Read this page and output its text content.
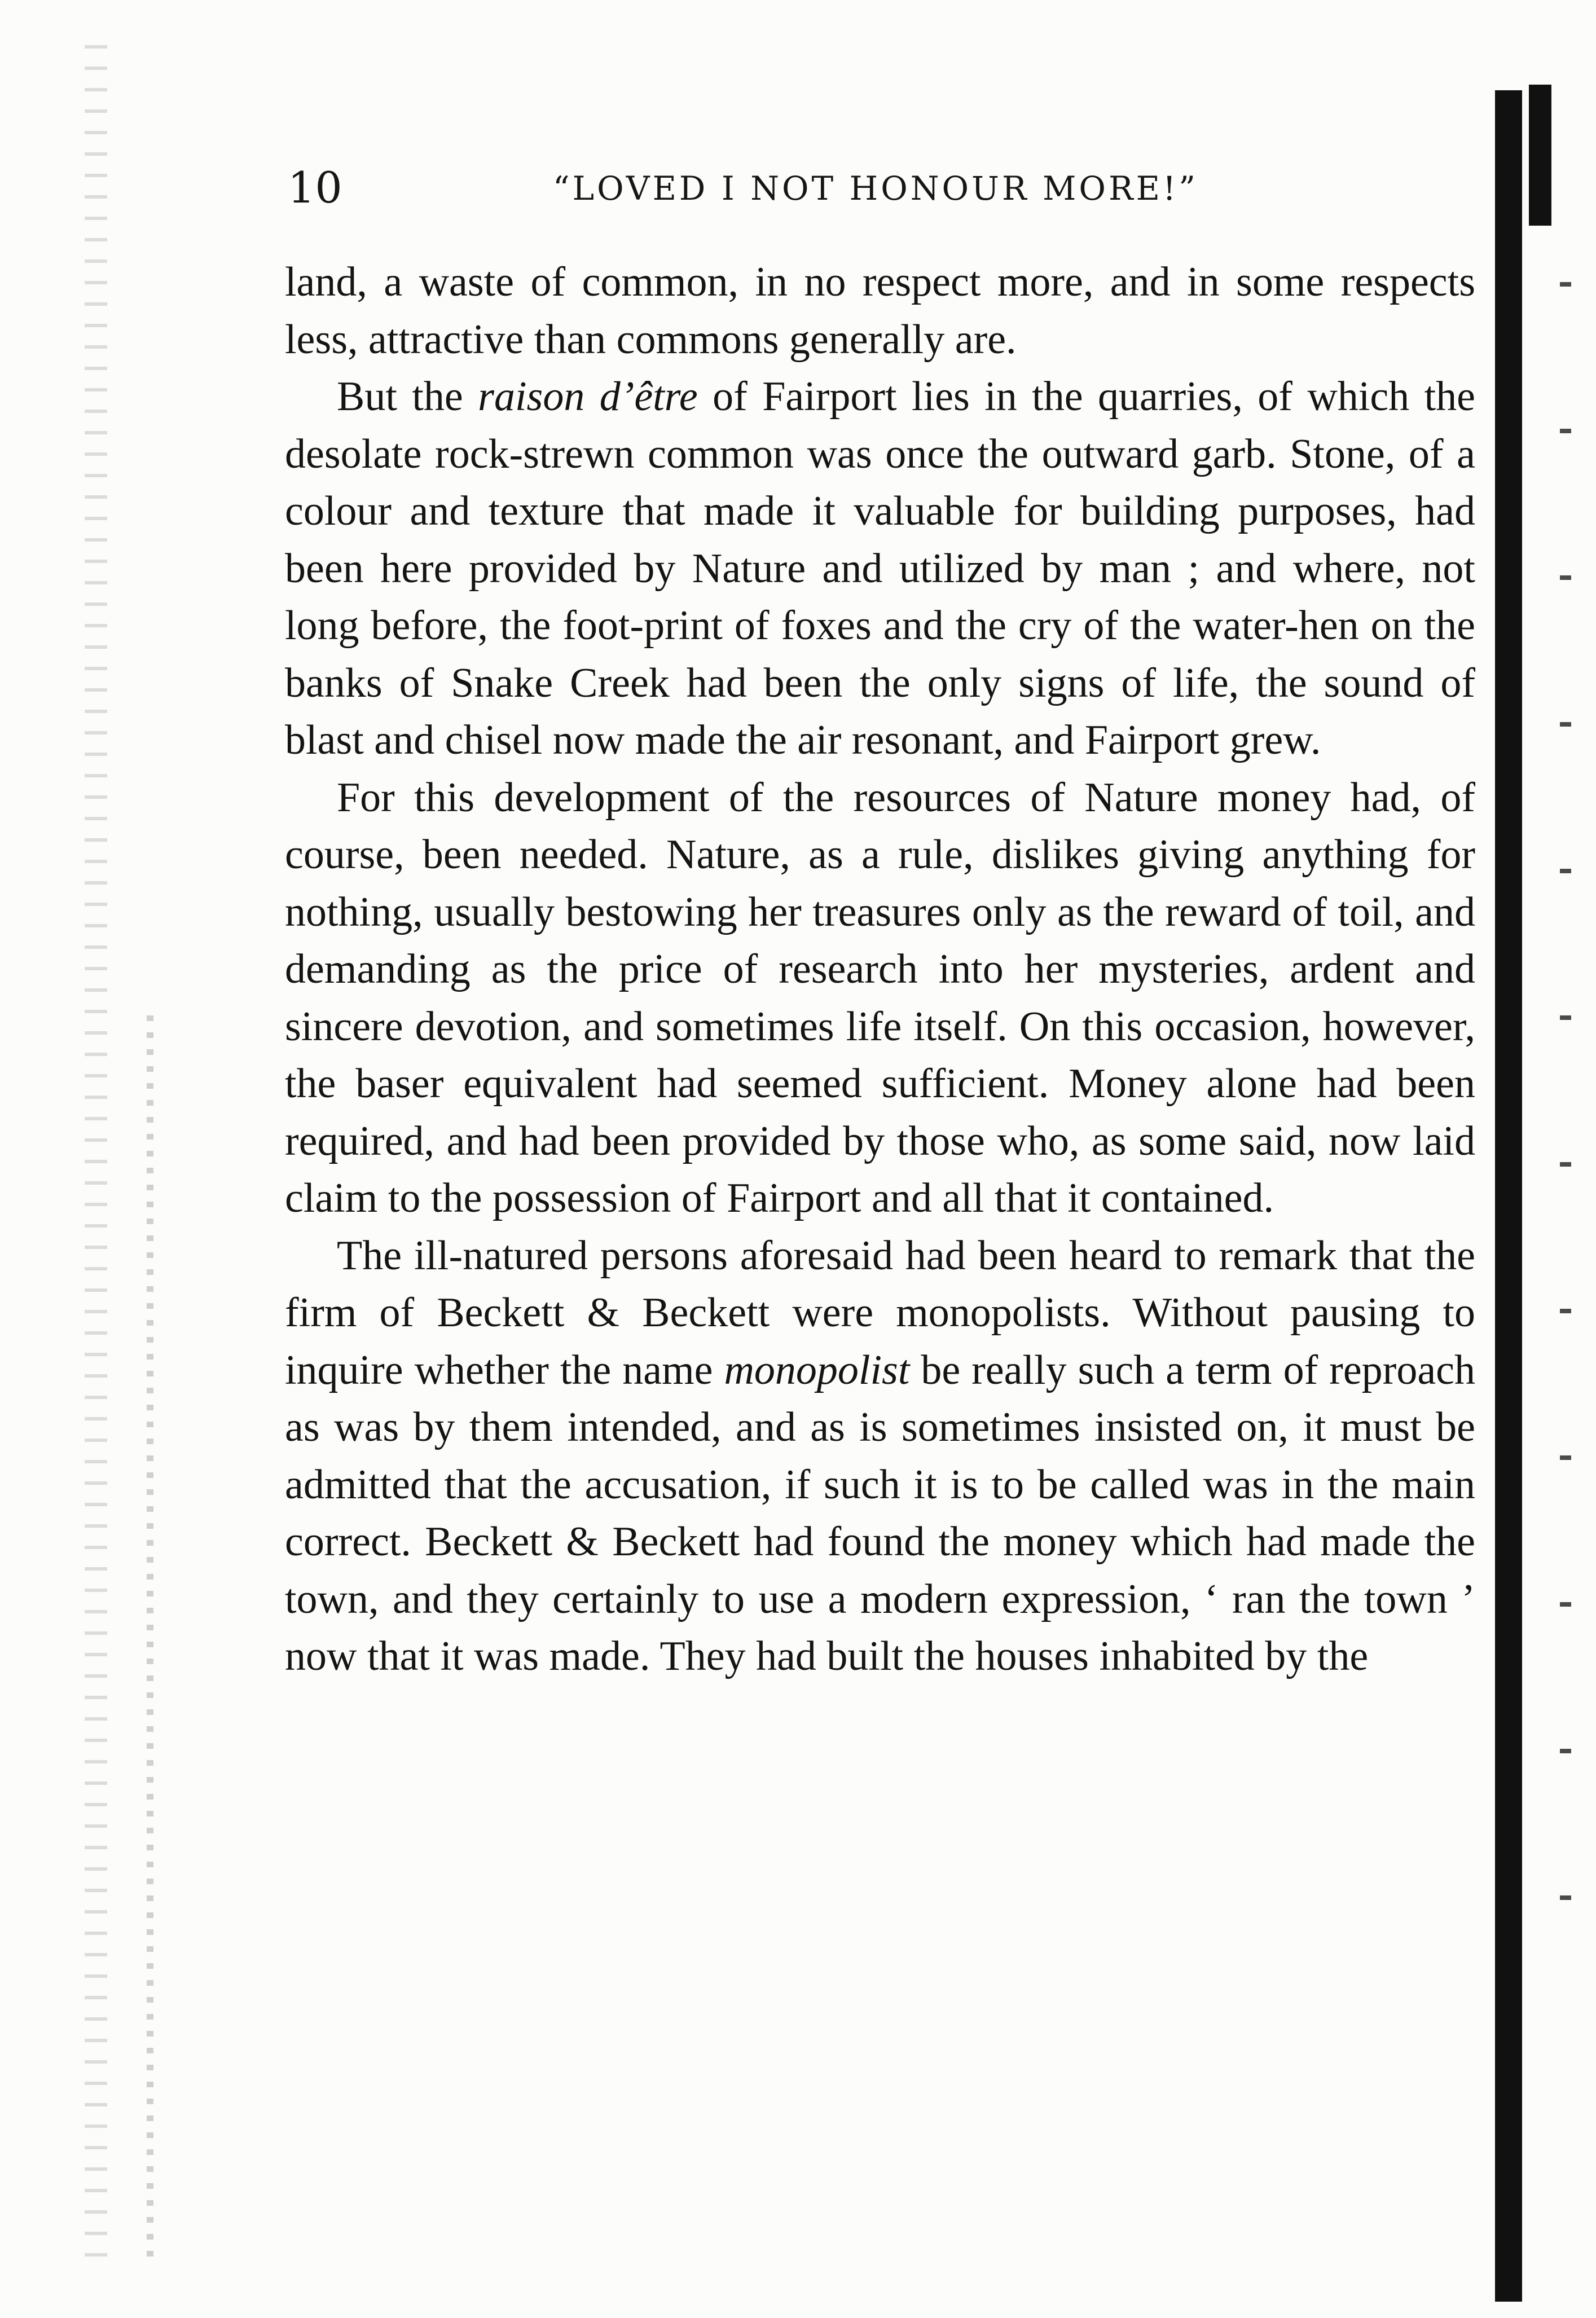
10	“LOVED I NOT HONOUR MORE!”

land, a waste of common, in no respect more, and in some respects less, attractive than commons generally are.

But the raison d’être of Fairport lies in the quarries, of which the desolate rock-strewn common was once the outward garb. Stone, of a colour and texture that made it valuable for building purposes, had been here provided by Nature and utilized by man ; and where, not long before, the foot-print of foxes and the cry of the water-hen on the banks of Snake Creek had been the only signs of life, the sound of blast and chisel now made the air resonant, and Fairport grew.

For this development of the resources of Nature money had, of course, been needed. Nature, as a rule, dislikes giving anything for nothing, usually bestowing her treasures only as the reward of toil, and demanding as the price of research into her mysteries, ardent and sincere devotion, and sometimes life itself. On this occasion, however, the baser equivalent had seemed sufficient. Money alone had been required, and had been provided by those who, as some said, now laid claim to the possession of Fairport and all that it contained.

The ill-natured persons aforesaid had been heard to remark that the firm of Beckett & Beckett were monopolists. Without pausing to inquire whether the name monopolist be really such a term of reproach as was by them intended, and as is sometimes insisted on, it must be admitted that the accusation, if such it is to be called was in the main correct. Beckett & Beckett had found the money which had made the town, and they certainly to use a modern expression, ‘ ran the town ’ now that it was made. They had built the houses inhabited by the
